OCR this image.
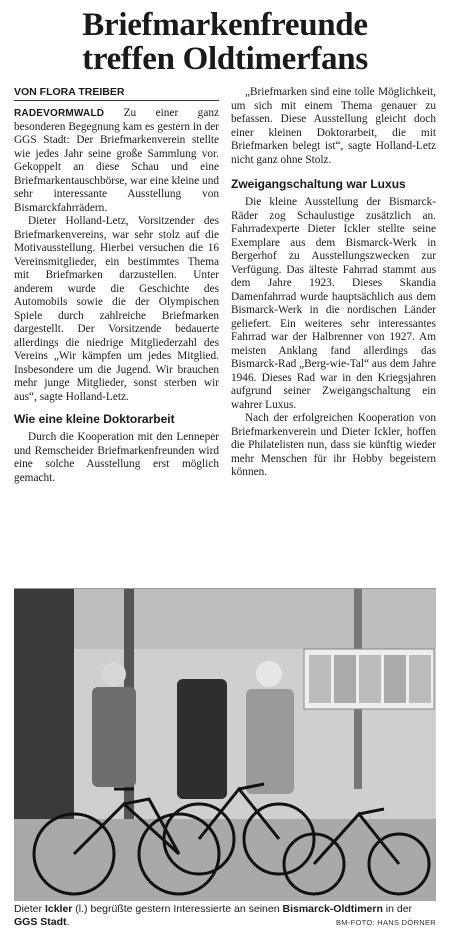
Briefmarkenfreunde
treffen Oldtimerfans
VON FLORA TREIBER

RADEVORMWALD Zu einer ganz besonderen Begegnung kam es gestern in der GGS Stadt: Der Briefmarkenverein stellte wie jedes Jahr seine große Sammlung vor. Gekoppelt an diese Schau und eine Briefmarkentauschbörse, war eine kleine und sehr interessante Ausstellung von Bismarckfahrrädern.

Dieter Holland-Letz, Vorsitzender des Briefmarkenvereins, war sehr stolz auf die Motivausstellung. Hierbei versuchen die 16 Vereinsmitglieder, ein bestimmtes Thema mit Briefmarken darzustellen. Unter anderem wurde die Geschichte des Automobils sowie die der Olympischen Spiele durch zahlreiche Briefmarken dargestellt. Der Vorsitzende bedauerte allerdings die niedrige Mitgliederzahl des Vereins „Wir kämpfen um jedes Mitglied. Insbesondere um die Jugend. Wir brauchen mehr junge Mitglieder, sonst sterben wir aus“, sagte Holland-Letz.

Wie eine kleine Doktorarbeit

Durch die Kooperation mit den Lenneper und Remscheider Briefmarkenfreunden wird eine solche Ausstellung erst möglich gemacht.

„Briefmarken sind eine tolle Möglichkeit, um sich mit einem Thema genauer zu befassen. Diese Ausstellung gleicht doch einer kleinen Doktorarbeit, die mit Briefmarken belegt ist“, sagte Holland-Letz nicht ganz ohne Stolz.

Zweigangschaltung war Luxus

Die kleine Ausstellung der Bismarck-Räder zog Schaulustige zusätzlich an. Fahrradexperte Dieter Ickler stellte seine Exemplare aus dem Bismarck-Werk in Bergerhof zu Ausstellungszwecken zur Verfügung. Das älteste Fahrrad stammt aus dem Jahre 1923. Dieses Skandia Damenfahrrad wurde hauptsächlich aus dem Bismarck-Werk in die nordischen Länder geliefert. Ein weiteres sehr interessantes Fahrrad war der Halbrenner von 1927. Am meisten Anklang fand allerdings das Bismarck-Rad „Berg-wie-Tal“ aus dem Jahre 1946. Dieses Rad war in den Kriegsjahren aufgrund seiner Zweigangschaltung ein wahrer Luxus.

Nach der erfolgreichen Kooperation von Briefmarkenverein und Dieter Ickler, hoffen die Philatelisten nun, dass sie künftig wieder mehr Menschen für ihr Hobby begeistern können.

Dieter Ickler (l.) begrüßte gestern Interessierte an seinen Bismarck-Oldtimern in der GGS Stadt.	BM-FOTO: HANS DÖRNER
